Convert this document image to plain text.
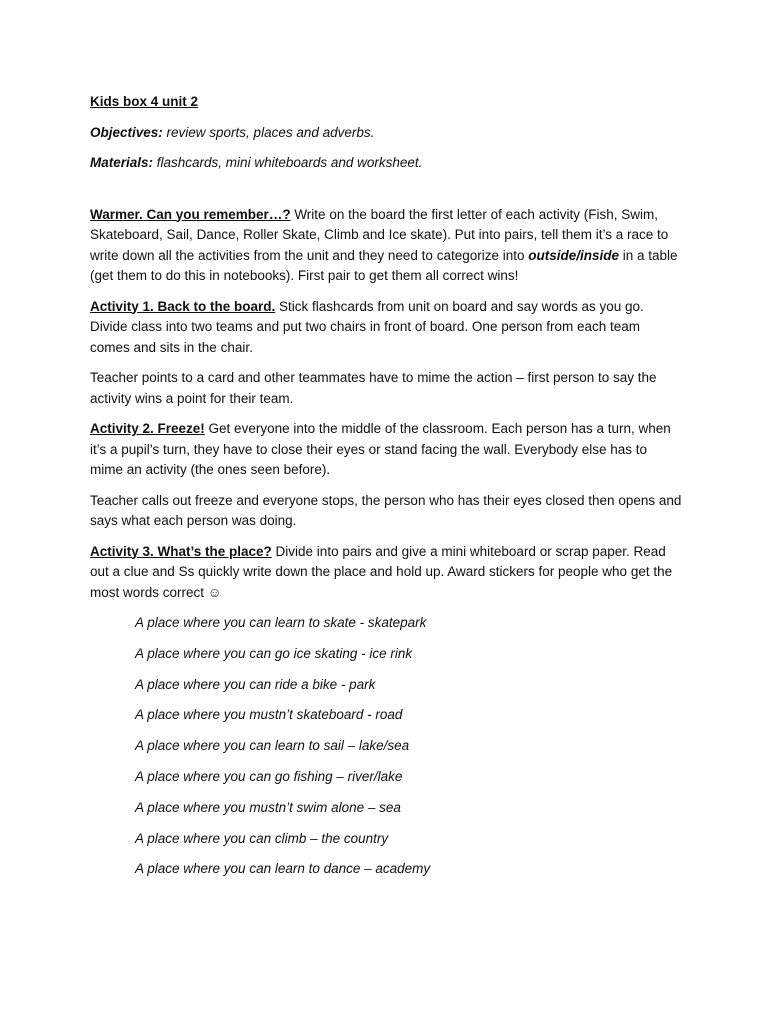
Kids box 4 unit 2

Objectives: review sports, places and adverbs.

Materials: flashcards, mini whiteboards and worksheet.

Warmer. Can you remember…? Write on the board the first letter of each activity (Fish, Swim, Skateboard, Sail, Dance, Roller Skate, Climb and Ice skate). Put into pairs, tell them it’s a race to write down all the activities from the unit and they need to categorize into outside/inside in a table (get them to do this in notebooks). First pair to get them all correct wins!

Activity 1. Back to the board. Stick flashcards from unit on board and say words as you go. Divide class into two teams and put two chairs in front of board. One person from each team comes and sits in the chair.

Teacher points to a card and other teammates have to mime the action – first person to say the activity wins a point for their team.

Activity 2. Freeze! Get everyone into the middle of the classroom. Each person has a turn, when it’s a pupil’s turn, they have to close their eyes or stand facing the wall. Everybody else has to mime an activity (the ones seen before).

Teacher calls out freeze and everyone stops, the person who has their eyes closed then opens and says what each person was doing.

Activity 3. What’s the place? Divide into pairs and give a mini whiteboard or scrap paper. Read out a clue and Ss quickly write down the place and hold up. Award stickers for people who get the most words correct ☺

A place where you can learn to skate - skatepark
A place where you can go ice skating - ice rink
A place where you can ride a bike - park
A place where you mustn’t skateboard - road
A place where you can learn to sail – lake/sea
A place where you can go fishing – river/lake
A place where you mustn’t swim alone – sea
A place where you can climb – the country
A place where you can learn to dance – academy
